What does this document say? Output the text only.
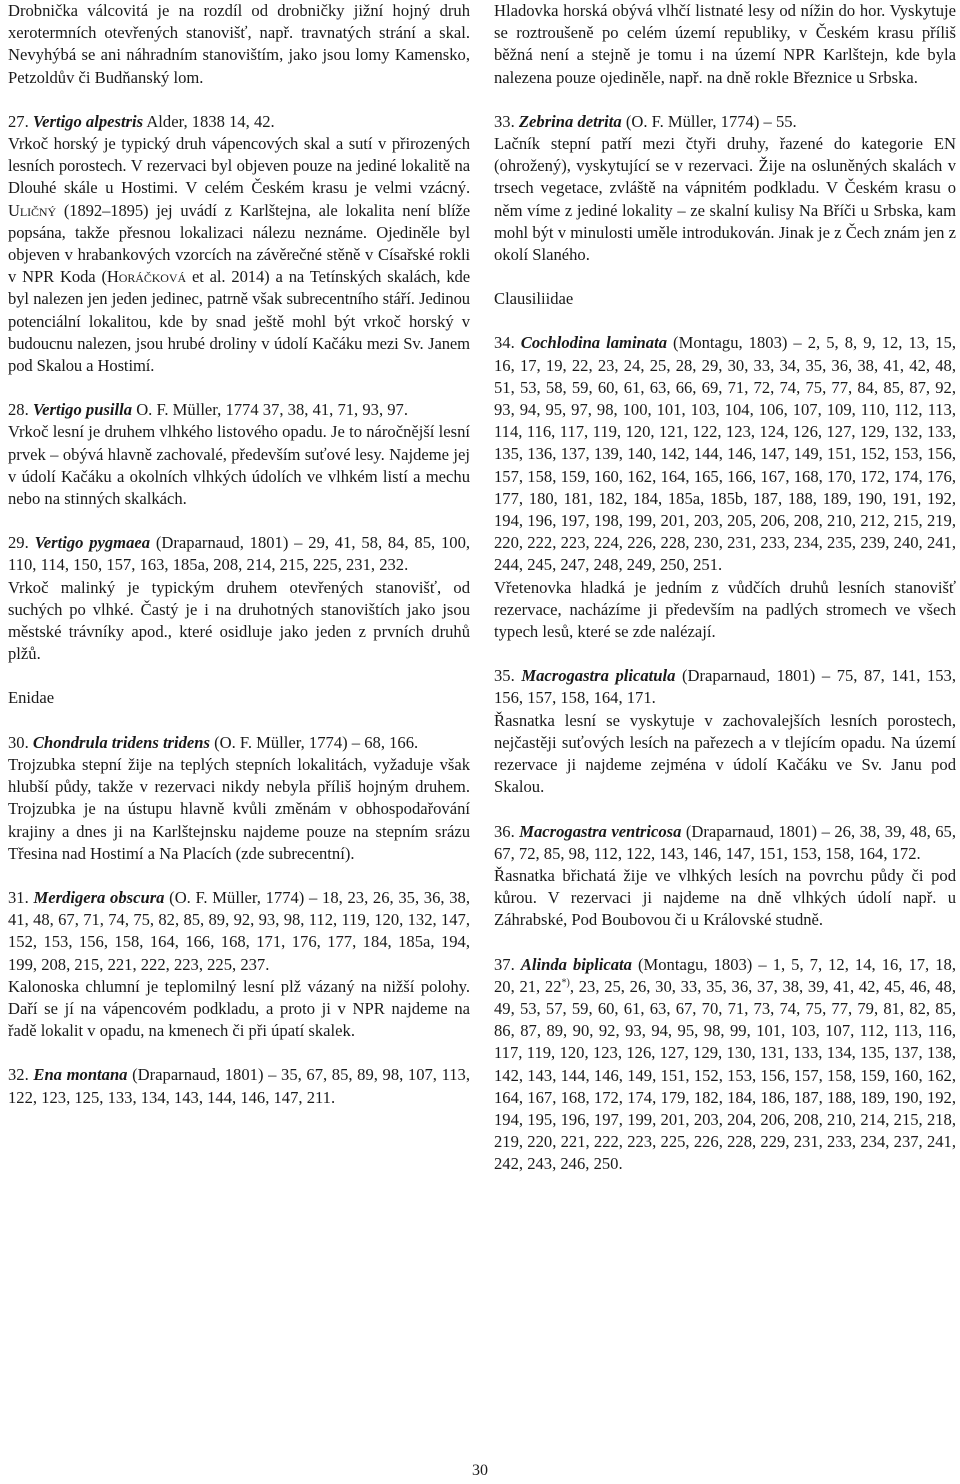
Drobnička válcovitá je na rozdíl od drobničky jižní hojný druh xerotermních otevřených stanovišť, např. travnatých strání a skal. Nevyhýbá se ani náhradním stanovištím, jako jsou lomy Kamensko, Petzoldův či Budňanský lom.

27. Vertigo alpestris Alder, 1838 14, 42.

Vrkoč horský je typický druh vápencových skal a sutí v přirozených lesních porostech. V rezervaci byl objeven pouze na jediné lokalitě na Dlouhé skále u Hostimi. V celém Českém krasu je velmi vzácný. Uličný (1892–1895) jej uvádí z Karlštejna, ale lokalita není blíže popsána, takže přesnou lokalizaci nálezu neznáme. Ojediněle byl objeven v hrabankových vzorcích na závěrečné stěně v Císařské rokli v NPR Koda (Horáčková et al. 2014) a na Tetínských skalách, kde byl nalezen jen jeden jedinec, patrně však subrecentního stáří. Jedinou potenciální lokalitou, kde by snad ještě mohl být vrkoč horský v budoucnu nalezen, jsou hrubé droliny v údolí Kačáku mezi Sv. Janem pod Skalou a Hostimí.

28. Vertigo pusilla O. F. Müller, 1774 37, 38, 41, 71, 93, 97.

Vrkoč lesní je druhem vlhkého listového opadu. Je to náročnější lesní prvek – obývá hlavně zachovalé, především suťové lesy. Najdeme jej v údolí Kačáku a okolních vlhkých údolích ve vlhkém listí a mechu nebo na stinných skalkách.

29. Vertigo pygmaea (Draparnaud, 1801) – 29, 41, 58, 84, 85, 100, 110, 114, 150, 157, 163, 185a, 208, 214, 215, 225, 231, 232.

Vrkoč malinký je typickým druhem otevřených stanovišť, od suchých po vlhké. Častý je i na druhotných stanovištích jako jsou městské trávníky apod., které osidluje jako jeden z prvních druhů plžů.

Enidae

30. Chondrula tridens tridens (O. F. Müller, 1774) – 68, 166.

Trojzubka stepní žije na teplých stepních lokalitách, vyžaduje však hlubší půdy, takže v rezervaci nikdy nebyla příliš hojným druhem. Trojzubka je na ústupu hlavně kvůli změnám v obhospodařování krajiny a dnes ji na Karlštejnsku najdeme pouze na stepním srázu Třesina nad Hostimí a Na Placích (zde subrecentní).

31. Merdigera obscura (O. F. Müller, 1774) – 18, 23, 26, 35, 36, 38, 41, 48, 67, 71, 74, 75, 82, 85, 89, 92, 93, 98, 112, 119, 120, 132, 147, 152, 153, 156, 158, 164, 166, 168, 171, 176, 177, 184, 185a, 194, 199, 208, 215, 221, 222, 223, 225, 237.

Kalonoska chlumní je teplomilný lesní plž vázaný na nižší polohy. Daří se jí na vápencovém podkladu, a proto ji v NPR najdeme na řadě lokalit v opadu, na kmenech či při úpatí skalek.

32. Ena montana (Draparnaud, 1801) – 35, 67, 85, 89, 98, 107, 113, 122, 123, 125, 133, 134, 143, 144, 146, 147, 211.

Hladovka horská obývá vlhčí listnaté lesy od nížin do hor. Vyskytuje se roztroušeně po celém území republiky, v Českém krasu příliš běžná není a stejně je tomu i na území NPR Karlštejn, kde byla nalezena pouze ojediněle, např. na dně rokle Březnice u Srbska.

33. Zebrina detrita (O. F. Müller, 1774) – 55.

Lačník stepní patří mezi čtyři druhy, řazené do kategorie EN (ohrožený), vyskytující se v rezervaci. Žije na osluněných skalách v trsech vegetace, zvláště na vápnitém podkladu. V Českém krasu o něm víme z jediné lokality – ze skalní kulisy Na Bříči u Srbska, kam mohl být v minulosti uměle introdukován. Jinak je z Čech znám jen z okolí Slaného.

Clausiliidae

34. Cochlodina laminata (Montagu, 1803) – 2, 5, 8, 9, 12, 13, 15, 16, 17, 19, 22, 23, 24, 25, 28, 29, 30, 33, 34, 35, 36, 38, 41, 42, 48, 51, 53, 58, 59, 60, 61, 63, 66, 69, 71, 72, 74, 75, 77, 84, 85, 87, 92, 93, 94, 95, 97, 98, 100, 101, 103, 104, 106, 107, 109, 110, 112, 113, 114, 116, 117, 119, 120, 121, 122, 123, 124, 126, 127, 129, 132, 133, 135, 136, 137, 139, 140, 142, 144, 146, 147, 149, 151, 152, 153, 156, 157, 158, 159, 160, 162, 164, 165, 166, 167, 168, 170, 172, 174, 176, 177, 180, 181, 182, 184, 185a, 185b, 187, 188, 189, 190, 191, 192, 194, 196, 197, 198, 199, 201, 203, 205, 206, 208, 210, 212, 215, 219, 220, 222, 223, 224, 226, 228, 230, 231, 233, 234, 235, 239, 240, 241, 244, 245, 247, 248, 249, 250, 251.

Vřetenovka hladká je jedním z vůdčích druhů lesních stanovišť rezervace, nacházíme ji především na padlých stromech ve všech typech lesů, které se zde nalézají.

35. Macrogastra plicatula (Draparnaud, 1801) – 75, 87, 141, 153, 156, 157, 158, 164, 171.

Řasnatka lesní se vyskytuje v zachovalejších lesních porostech, nejčastěji suťových lesích na pařezech a v tlejícím opadu. Na území rezervace ji najdeme zejména v údolí Kačáku ve Sv. Janu pod Skalou.

36. Macrogastra ventricosa (Draparnaud, 1801) – 26, 38, 39, 48, 65, 67, 72, 85, 98, 112, 122, 143, 146, 147, 151, 153, 158, 164, 172.

Řasnatka břichatá žije ve vlhkých lesích na povrchu půdy či pod kůrou. V rezervaci ji najdeme na dně vlhkých údolí např. u Záhrabské, Pod Boubovou či u Královské studně.

37. Alinda biplicata (Montagu, 1803) – 1, 5, 7, 12, 14, 16, 17, 18, 20, 21, 22*), 23, 25, 26, 30, 33, 35, 36, 37, 38, 39, 41, 42, 45, 46, 48, 49, 53, 57, 59, 60, 61, 63, 67, 70, 71, 73, 74, 75, 77, 79, 81, 82, 85, 86, 87, 89, 90, 92, 93, 94, 95, 98, 99, 101, 103, 107, 112, 113, 116, 117, 119, 120, 123, 126, 127, 129, 130, 131, 133, 134, 135, 137, 138, 142, 143, 144, 146, 149, 151, 152, 153, 156, 157, 158, 159, 160, 162, 164, 167, 168, 172, 174, 179, 182, 184, 186, 187, 188, 189, 190, 192, 194, 195, 196, 197, 199, 201, 203, 204, 206, 208, 210, 214, 215, 218, 219, 220, 221, 222, 223, 225, 226, 228, 229, 231, 233, 234, 237, 241, 242, 243, 246, 250.

30
